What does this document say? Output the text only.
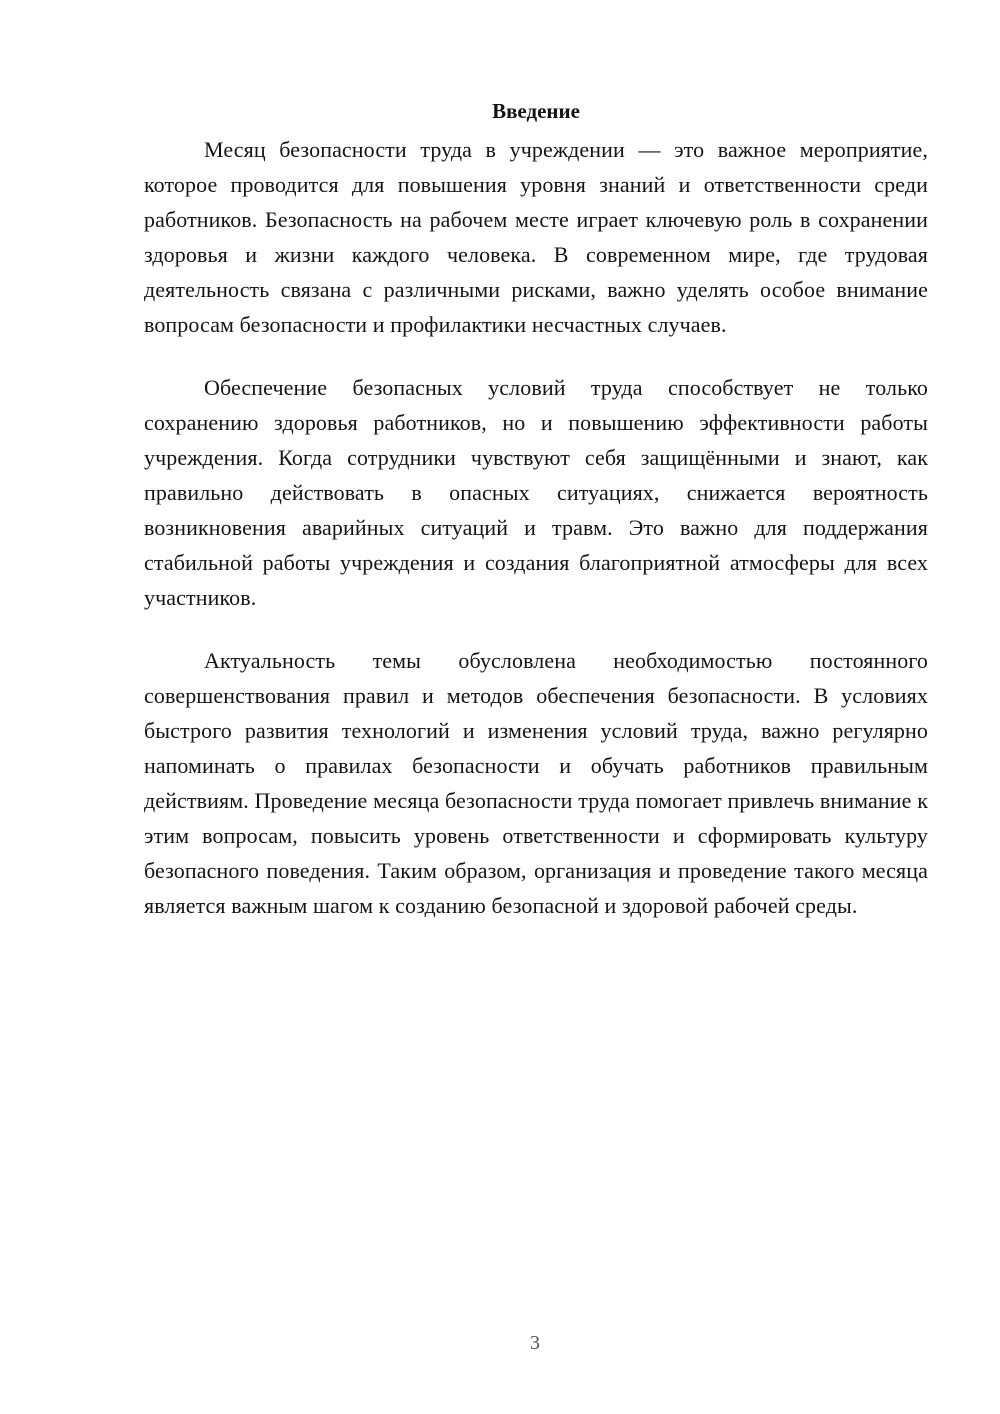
Введение

Месяц безопасности труда в учреждении — это важное мероприятие, которое проводится для повышения уровня знаний и ответственности среди работников. Безопасность на рабочем месте играет ключевую роль в сохранении здоровья и жизни каждого человека. В современном мире, где трудовая деятельность связана с различными рисками, важно уделять особое внимание вопросам безопасности и профилактики несчастных случаев.

Обеспечение безопасных условий труда способствует не только сохранению здоровья работников, но и повышению эффективности работы учреждения. Когда сотрудники чувствуют себя защищёнными и знают, как правильно действовать в опасных ситуациях, снижается вероятность возникновения аварийных ситуаций и травм. Это важно для поддержания стабильной работы учреждения и создания благоприятной атмосферы для всех участников.

Актуальность темы обусловлена необходимостью постоянного совершенствования правил и методов обеспечения безопасности. В условиях быстрого развития технологий и изменения условий труда, важно регулярно напоминать о правилах безопасности и обучать работников правильным действиям. Проведение месяца безопасности труда помогает привлечь внимание к этим вопросам, повысить уровень ответственности и сформировать культуру безопасного поведения. Таким образом, организация и проведение такого месяца является важным шагом к созданию безопасной и здоровой рабочей среды.

3
